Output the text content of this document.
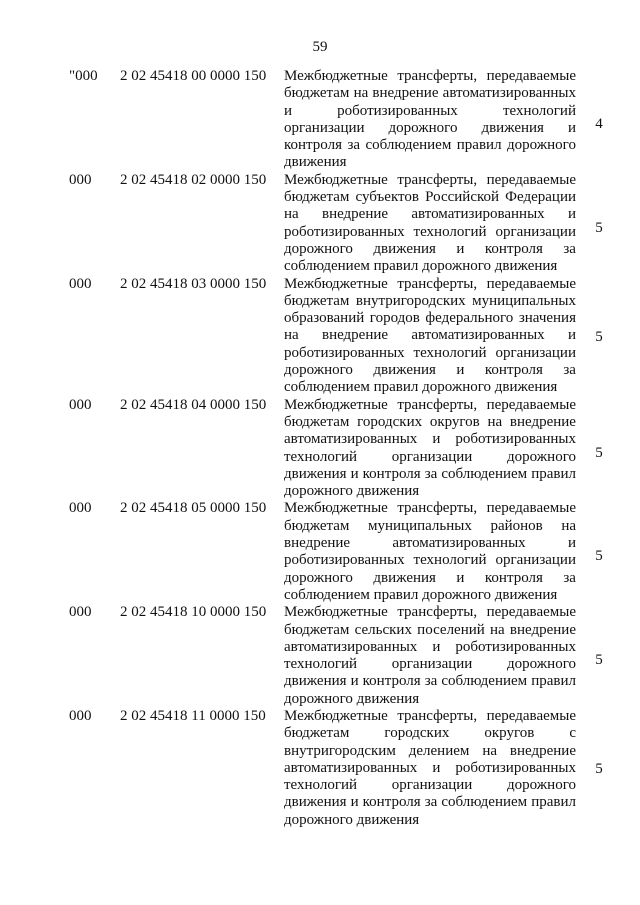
59
"000	2 02 45418 00 0000 150	Межбюджетные трансферты, передаваемые
бюджетам на внедрение автоматизированных
и	роботизированных	технологий
организации дорожного движения и
контроля за соблюдением правил дорожного
движения
4
000	2 02 45418 02 0000 150	Межбюджетные трансферты, передаваемые
бюджетам субъектов Российской Федерации
на внедрение автоматизированных и
роботизированных технологий организации
дорожного движения и контроля за
соблюдением правил дорожного движения
5
000	2 02 45418 03 0000 150	Межбюджетные трансферты, передаваемые
бюджетам внутригородских муниципальных
образований городов федерального значения
на внедрение автоматизированных и
роботизированных технологий организации
дорожного движения и контроля за
соблюдением правил дорожного движения
5
000	2 02 45418 04 0000 150	Межбюджетные трансферты, передаваемые
бюджетам городских округов на внедрение
автоматизированных и роботизированных
технологий организации дорожного
движения и контроля за соблюдением правил
дорожного движения
5
000	2 02 45418 05 0000 150	Межбюджетные трансферты, передаваемые
бюджетам муниципальных районов на
внедрение	автоматизированных	и
роботизированных технологий организации
дорожного движения и контроля за
соблюдением правил дорожного движения
5
000	2 02 45418 10 0000 150	Межбюджетные трансферты, передаваемые
бюджетам сельских поселений на внедрение
автоматизированных и роботизированных
технологий организации дорожного
движения и контроля за соблюдением правил
дорожного движения
5
000	2 02 45418 11 0000 150	Межбюджетные трансферты, передаваемые
бюджетам городских округов с
внутригородским делением на внедрение
автоматизированных и роботизированных
технологий организации дорожного
движения и контроля за соблюдением правил
дорожного движения
5
